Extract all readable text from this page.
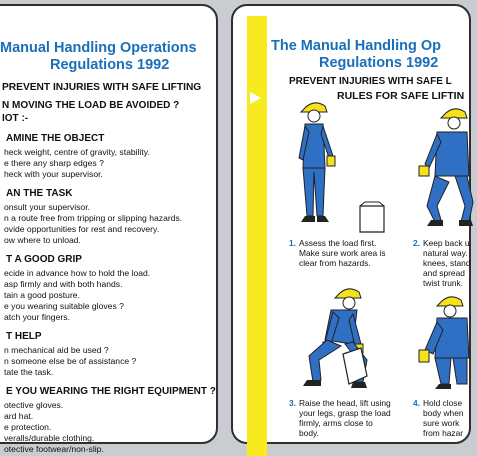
Manual Handling Operations
Regulations 1992
PREVENT INJURIES WITH SAFE LIFTING
N MOVING THE LOAD BE AVOIDED ?
IOT :-
AMINE THE OBJECT
heck weight, centre of gravity, stability.
e there any sharp edges ?
heck with your supervisor.
AN THE TASK
onsult your supervisor.
n a route free from tripping or slipping hazards.
ovide opportunities for rest and recovery.
ow where to unload.
T A GOOD GRIP
ecide in advance how to hold the load.
asp firmly and with both hands.
tain a good posture.
e you wearing suitable gloves ?
atch your fingers.
T HELP
n mechanical aid be used ?
n someone else be of assistance ?
tate the task.
E YOU WEARING THE RIGHT EQUIPMENT ?
otective gloves.
ard hat.
e protection.
veralls/durable clothing.
otective footwear/non-slip.
The Manual Handling Op
Regulations 1992
PREVENT INJURIES WITH SAFE L
RULES FOR SAFE LIFTIN
1. Assess the load first.
Make sure work area is
clear from hazards.
2. Keep back u
natural way.
knees, stand
and spread
twist trunk.
3. Raise the head, lift using
your legs, grasp the load
firmly, arms close to
body.
4. Hold close
body when
sure work
from hazar
